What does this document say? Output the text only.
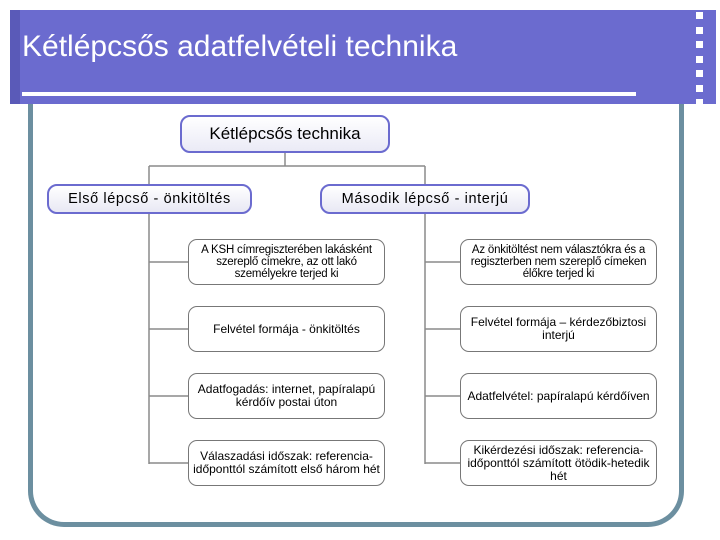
Kétlépcsős adatfelvételi technika
Kétlépcsős technika
Első lépcső - önkitöltés	Második lépcső - interjú
A KSH címregiszterében lakásként szereplő címekre, az ott lakó személyekre terjed ki
Felvétel formája - önkitöltés
Adatfogadás: internet, papíralapú kérdőív postai úton
Válaszadási időszak: referencia-időponttól számított első három hét
Az önkitöltést nem választókra és a regiszterben nem szereplő címeken élőkre terjed ki
Felvétel formája – kérdezőbiztosi interjú
Adatfelvétel: papíralapú kérdőíven
Kikérdezési időszak: referencia-időponttól számított ötödik-hetedik hét
